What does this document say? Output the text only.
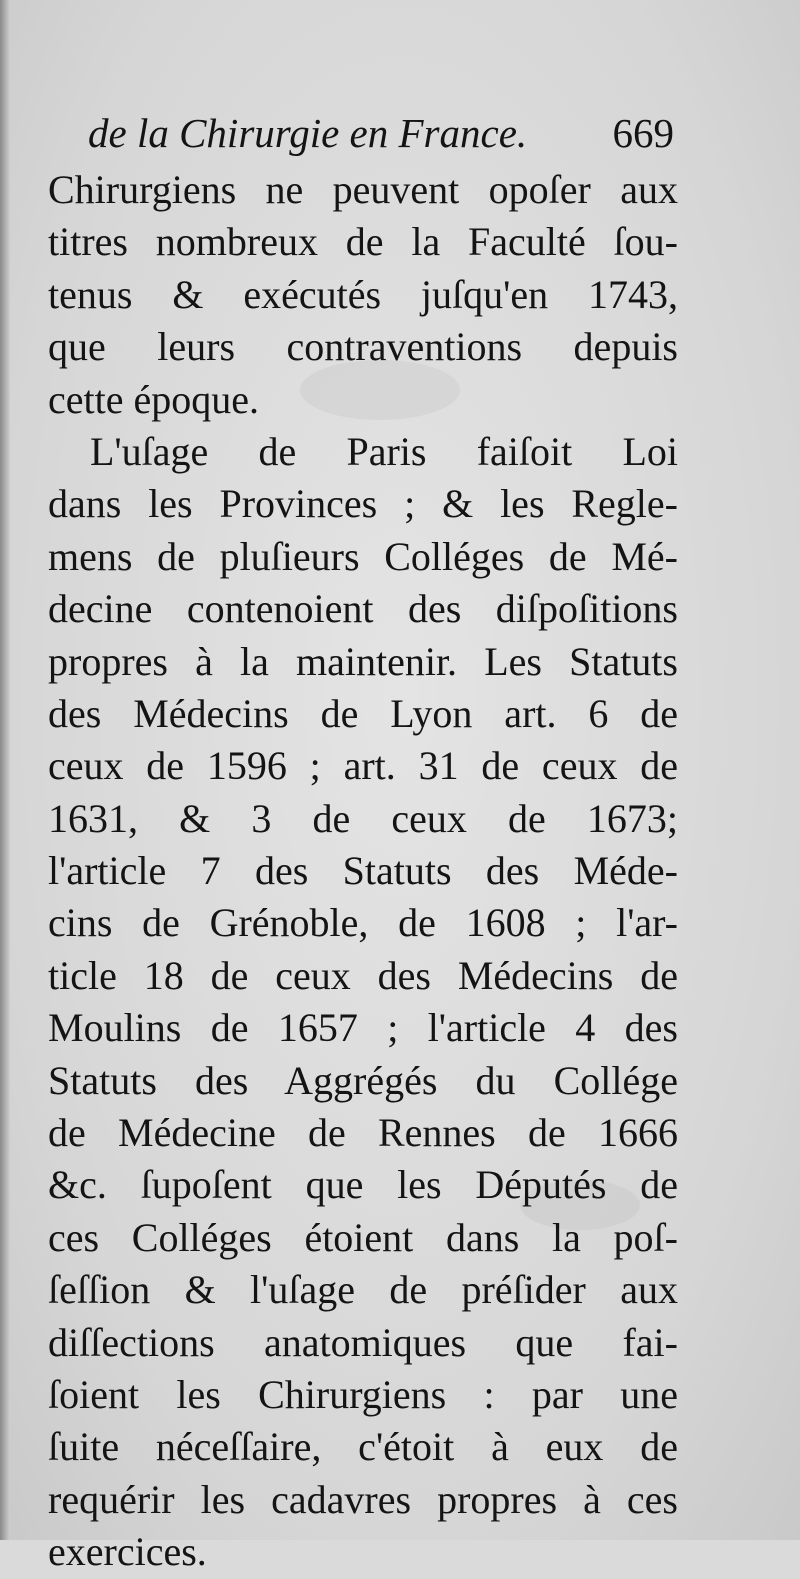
de la Chirurgie en France. 669
Chirurgiens ne peuvent opoſer aux
titres nombreux de la Faculté ſou-
tenus & exécutés juſqu'en 1743,
que leurs contraventions depuis
cette époque.
L'uſage de Paris faiſoit Loi
dans les Provinces ; & les Regle-
mens de pluſieurs Colléges de Mé-
decine contenoient des diſpoſitions
propres à la maintenir. Les Statuts
des Médecins de Lyon art. 6 de
ceux de 1596 ; art. 31 de ceux de
1631, & 3 de ceux de 1673;
l'article 7 des Statuts des Méde-
cins de Grénoble, de 1608 ; l'ar-
ticle 18 de ceux des Médecins de
Moulins de 1657 ; l'article 4 des
Statuts des Aggrégés du Collége
de Médecine de Rennes de 1666
&c. ſupoſent que les Députés de
ces Colléges étoient dans la poſ-
ſeſſion & l'uſage de préſider aux
diſſections anatomiques que fai-
ſoient les Chirurgiens : par une
ſuite néceſſaire, c'étoit à eux de
requérir les cadavres propres à ces
exercices.
